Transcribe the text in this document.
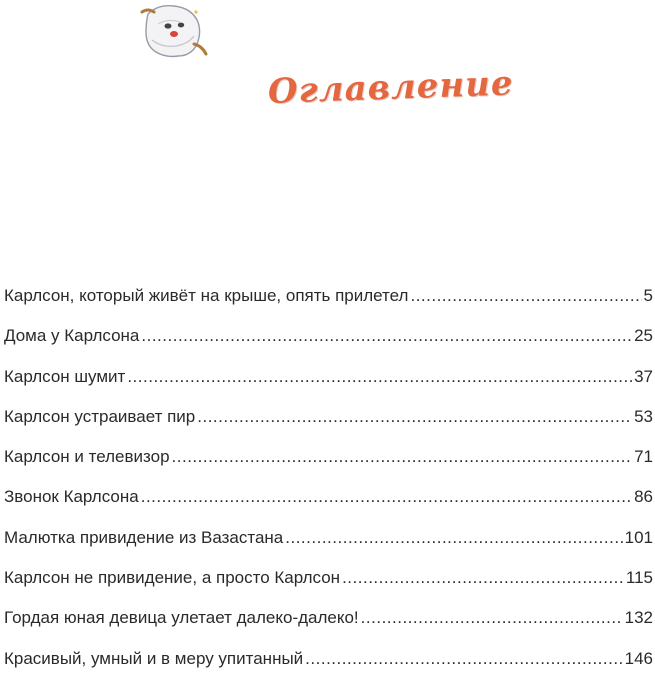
Оглавление
Карлсон, который живёт на крыше, опять прилетел .....	5
Дома у Карлсона .....	25
Карлсон шумит .....	37
Карлсон устраивает пир .....	53
Карлсон и телевизор .....	71
Звонок Карлсона .....	86
Малютка привидение из Вазастана .....	101
Карлсон не привидение, а просто Карлсон .....	115
Гордая юная девица улетает далеко-далеко! .....	132
Красивый, умный и в меру упитанный .....	146
